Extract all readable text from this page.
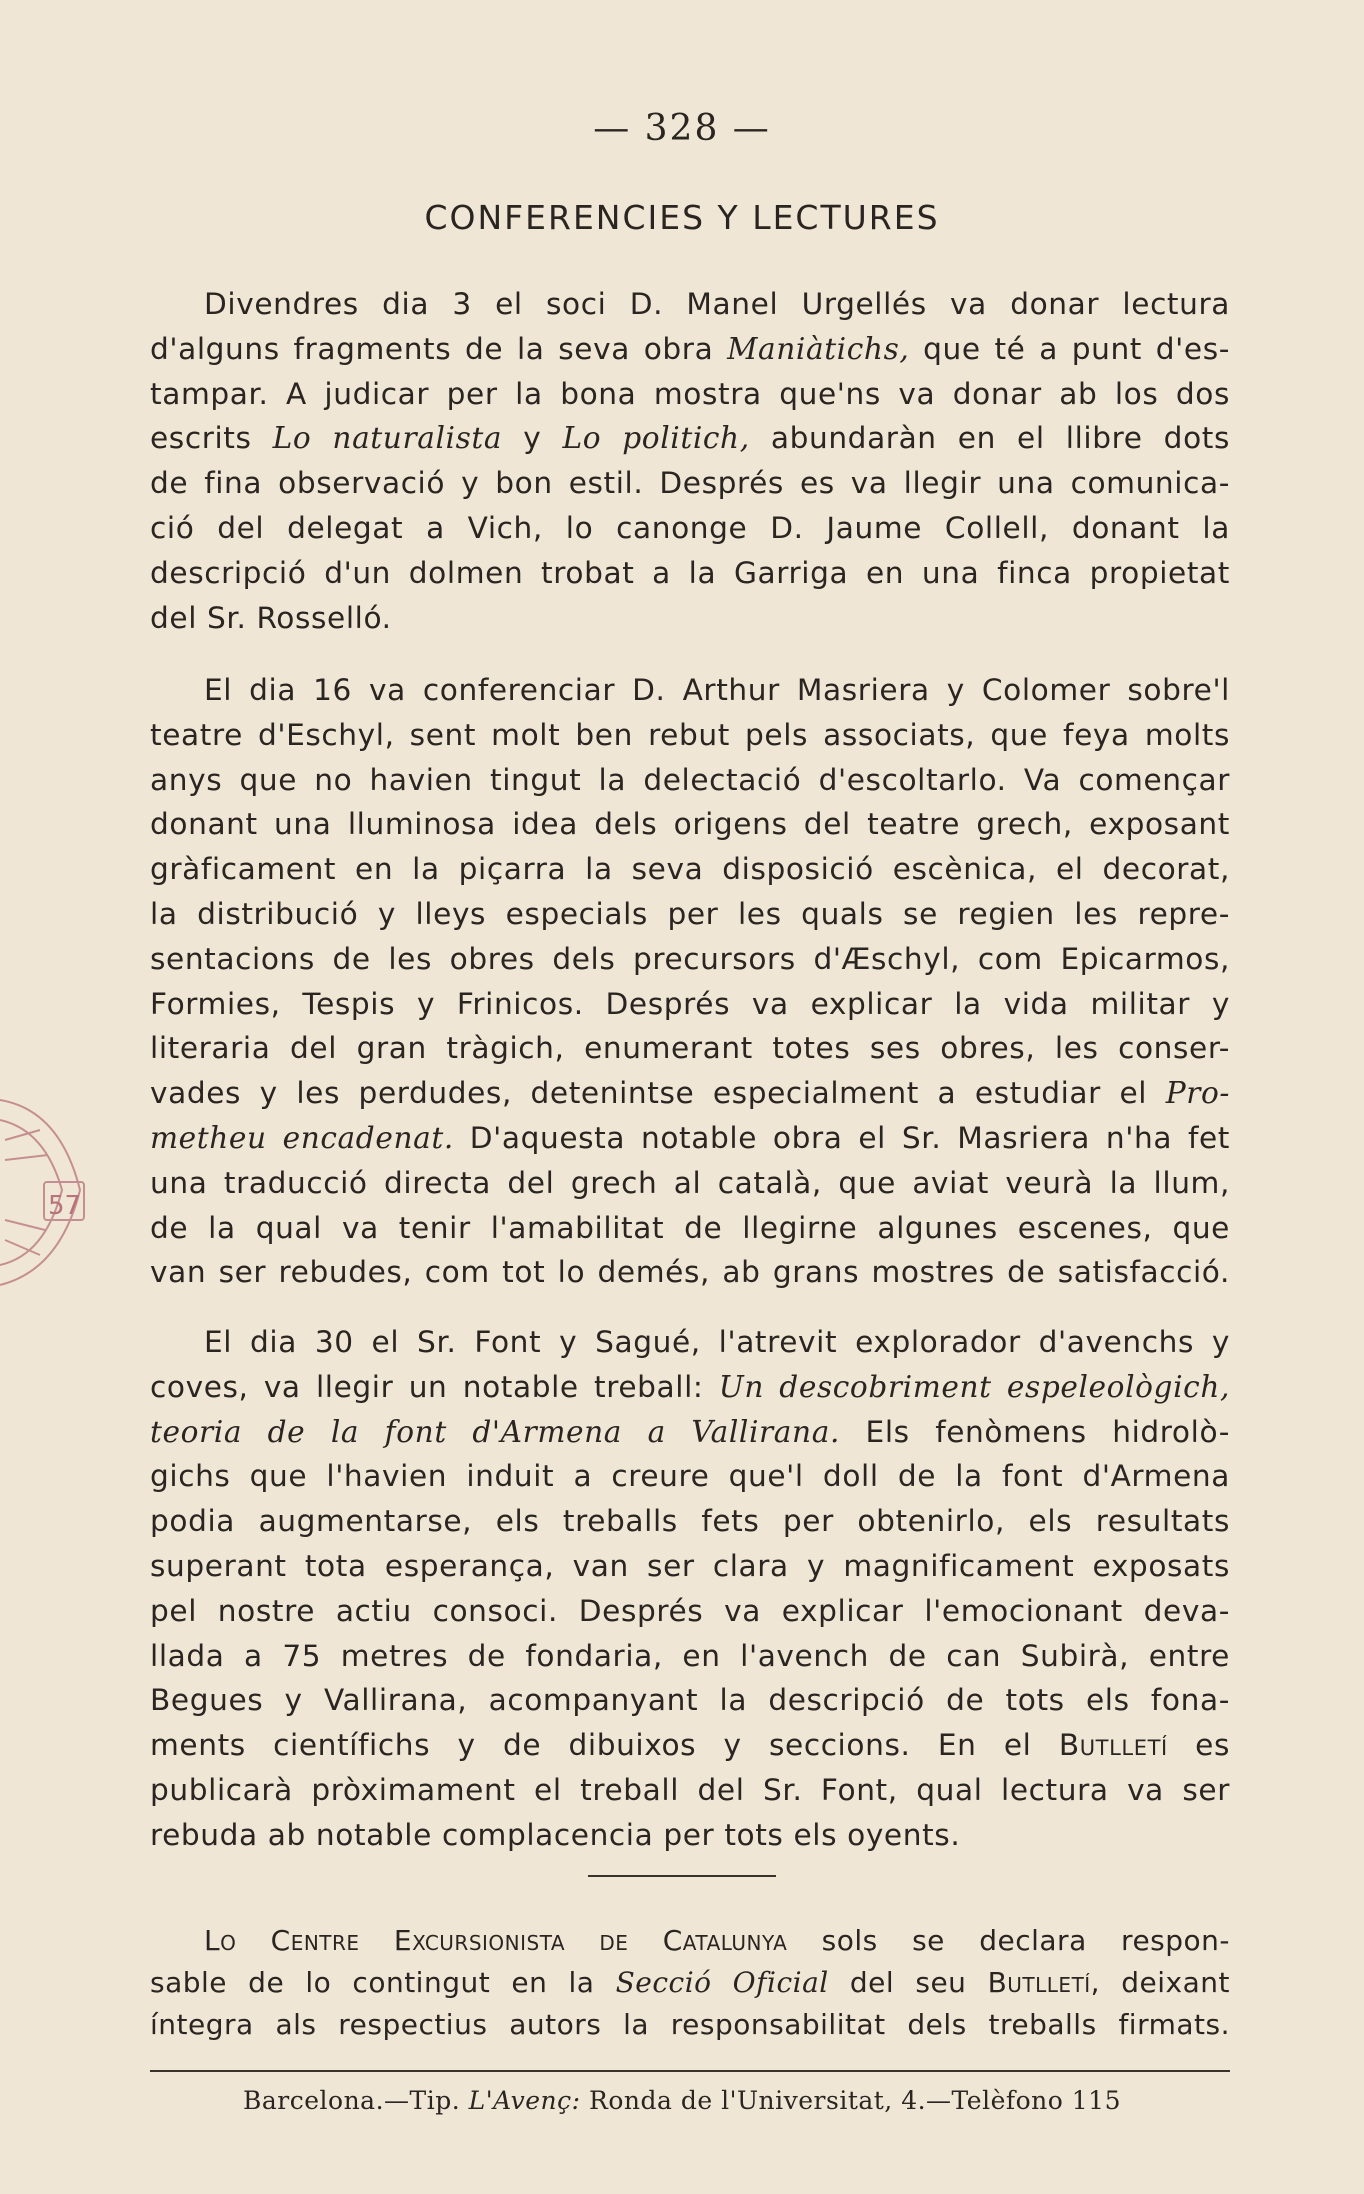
— 328 —
CONFERENCIES Y LECTURES

Divendres dia 3 el soci D. Manel Urgellés va donar lectura
d'alguns fragments de la seva obra Maniàtichs, que té a punt d'es-
tampar. A judicar per la bona mostra que'ns va donar ab los dos
escrits Lo naturalista y Lo politich, abundaràn en el llibre dots
de fina observació y bon estil. Després es va llegir una comunica-
ció del delegat a Vich, lo canonge D. Jaume Collell, donant la
descripció d'un dolmen trobat a la Garriga en una finca propietat
del Sr. Rosselló.

El dia 16 va conferenciar D. Arthur Masriera y Colomer sobre'l
teatre d'Eschyl, sent molt ben rebut pels associats, que feya molts
anys que no havien tingut la delectació d'escoltarlo. Va començar
donant una lluminosa idea dels origens del teatre grech, exposant
gràficament en la piçarra la seva disposició escènica, el decorat,
la distribució y lleys especials per les quals se regien les repre-
sentacions de les obres dels precursors d'Æschyl, com Epicarmos,
Formies, Tespis y Frinicos. Després va explicar la vida militar y
literaria del gran tràgich, enumerant totes ses obres, les conser-
vades y les perdudes, detenintse especialment a estudiar el Pro-
metheu encadenat. D'aquesta notable obra el Sr. Masriera n'ha fet
una traducció directa del grech al català, que aviat veurà la llum,
de la qual va tenir l'amabilitat de llegirne algunes escenes, que
van ser rebudes, com tot lo demés, ab grans mostres de satisfacció.

El dia 30 el Sr. Font y Sagué, l'atrevit explorador d'avenchs y
coves, va llegir un notable treball: Un descobriment espeleològich,
teoria de la font d'Armena a Vallirana. Els fenòmens hidrolò-
gichs que l'havien induit a creure que'l doll de la font d'Armena
podia augmentarse, els treballs fets per obtenirlo, els resultats
superant tota esperança, van ser clara y magnificament exposats
pel nostre actiu consoci. Després va explicar l'emocionant deva-
llada a 75 metres de fondaria, en l'avench de can Subirà, entre
Begues y Vallirana, acompanyant la descripció de tots els fona-
ments científichs y de dibuixos y seccions. En el Butlletí es
publicarà pròximament el treball del Sr. Font, qual lectura va ser
rebuda ab notable complacencia per tots els oyents.

Lo Centre Excursionista de Catalunya sols se declara respon-
sable de lo contingut en la Secció Oficial del seu Butlletí, deixant
íntegra als respectius autors la responsabilitat dels treballs firmats.

Barcelona.—Tip. L'Avenç: Ronda de l'Universitat, 4.—Telèfono 115
57
